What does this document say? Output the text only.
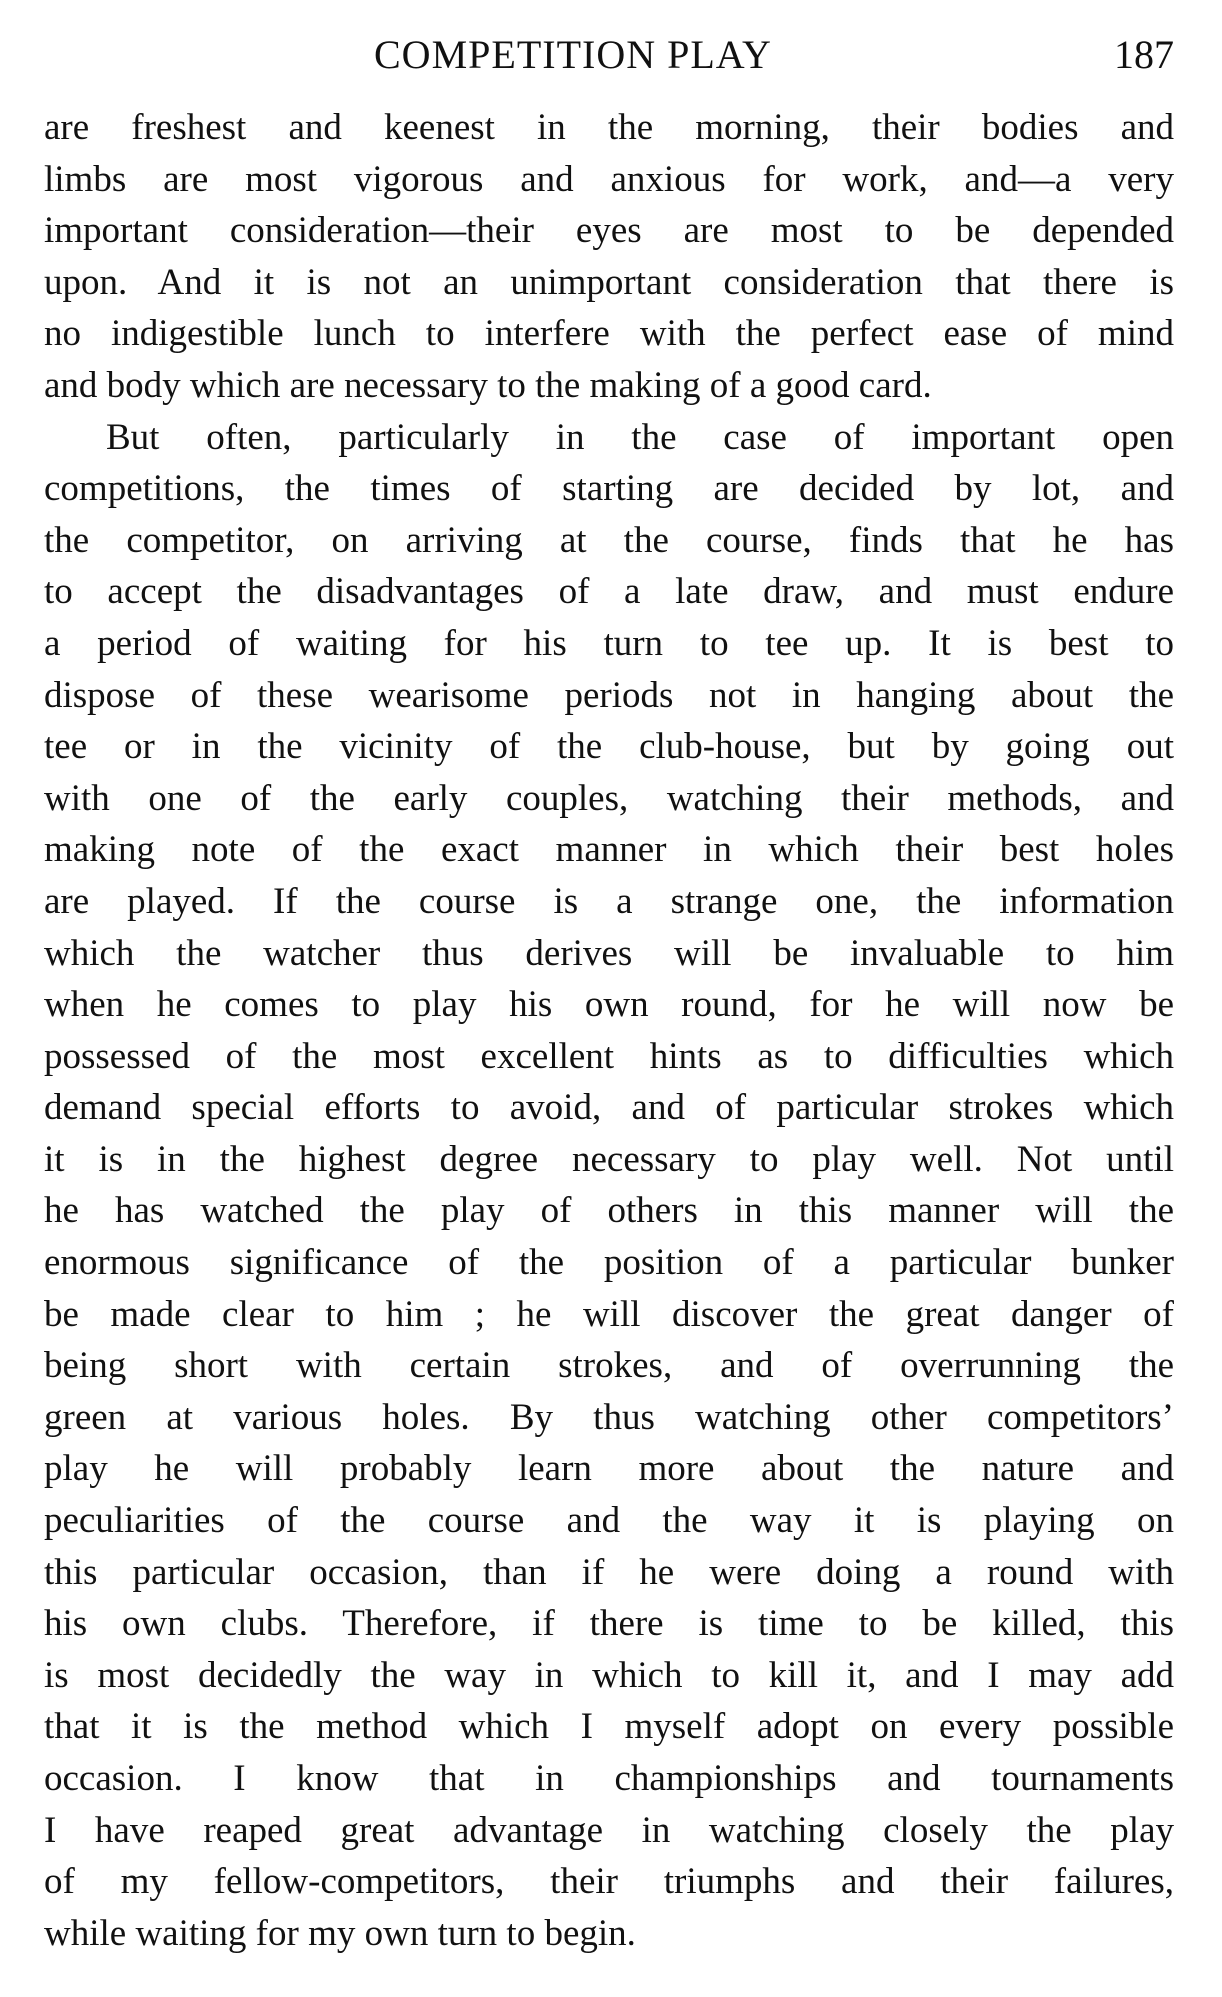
COMPETITION PLAY	187
are freshest and keenest in the morning, their bodies and
limbs are most vigorous and anxious for work, and—a very
important consideration—their eyes are most to be depended
upon. And it is not an unimportant consideration that there is
no indigestible lunch to interfere with the perfect ease of mind
and body which are necessary to the making of a good card.
But often, particularly in the case of important open
competitions, the times of starting are decided by lot, and
the competitor, on arriving at the course, finds that he has
to accept the disadvantages of a late draw, and must endure
a period of waiting for his turn to tee up. It is best to
dispose of these wearisome periods not in hanging about the
tee or in the vicinity of the club-house, but by going out
with one of the early couples, watching their methods, and
making note of the exact manner in which their best holes
are played. If the course is a strange one, the information
which the watcher thus derives will be invaluable to him
when he comes to play his own round, for he will now be
possessed of the most excellent hints as to difficulties which
demand special efforts to avoid, and of particular strokes which
it is in the highest degree necessary to play well. Not until
he has watched the play of others in this manner will the
enormous significance of the position of a particular bunker
be made clear to him ; he will discover the great danger of
being short with certain strokes, and of overrunning the
green at various holes. By thus watching other competitors’
play he will probably learn more about the nature and
peculiarities of the course and the way it is playing on
this particular occasion, than if he were doing a round with
his own clubs. Therefore, if there is time to be killed, this
is most decidedly the way in which to kill it, and I may add
that it is the method which I myself adopt on every possible
occasion. I know that in championships and tournaments
I have reaped great advantage in watching closely the play
of my fellow-competitors, their triumphs and their failures,
while waiting for my own turn to begin.
